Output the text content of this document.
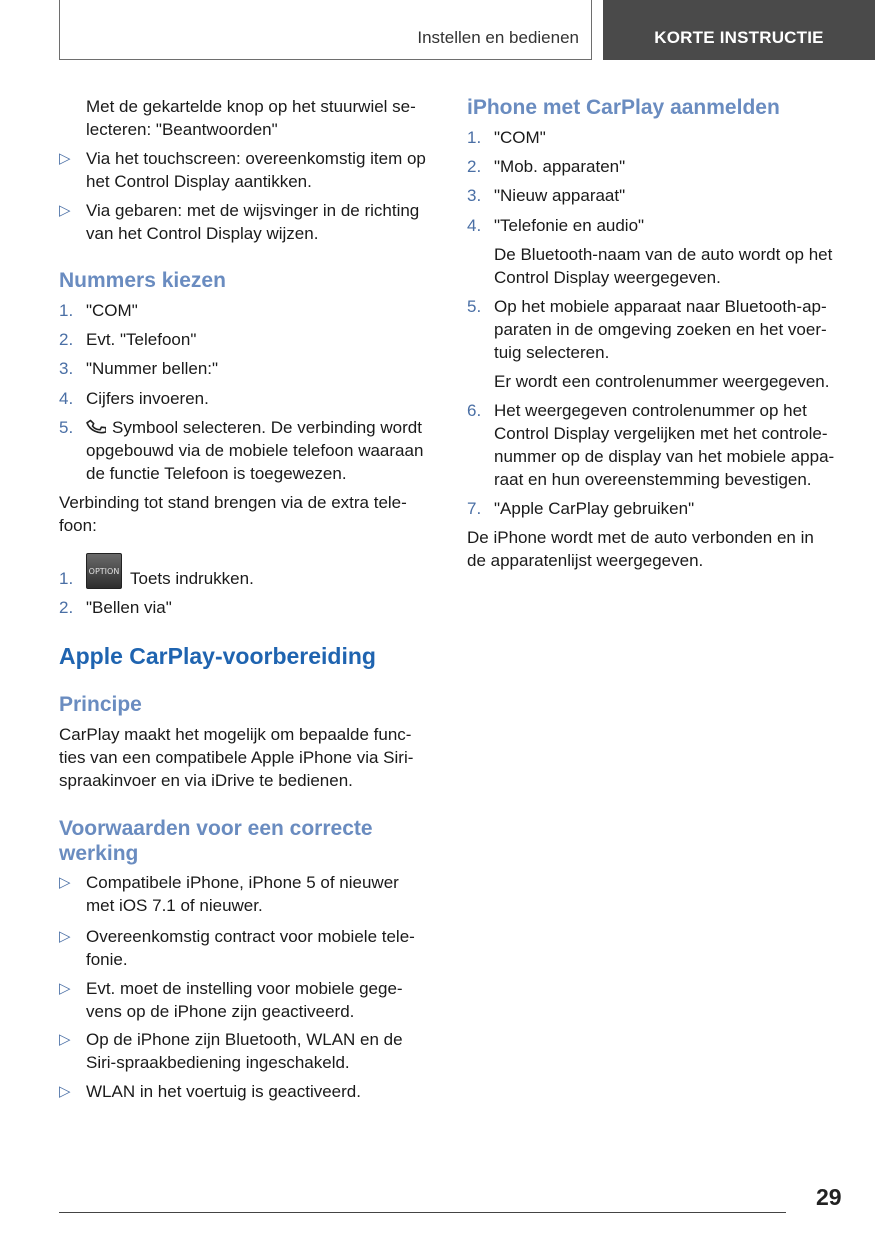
Instellen en bedienen	KORTE INSTRUCTIE
Met de gekartelde knop op het stuurwiel se-
lecteren: "Beantwoorden"
▷ Via het touchscreen: overeenkomstig item op
het Control Display aantikken.
▷ Via gebaren: met de wijsvinger in de richting
van het Control Display wijzen.
Nummers kiezen
1. "COM"
2. Evt. "Telefoon"
3. "Nummer bellen:"
4. Cijfers invoeren.
5.	Symbool selecteren. De verbinding wordt
opgebouwd via de mobiele telefoon waaraan
de functie Telefoon is toegewezen.
Verbinding tot stand brengen via de extra tele-
foon:
1. OPTION Toets indrukken.
2. "Bellen via"
Apple CarPlay-voorbereiding
Principe
CarPlay maakt het mogelijk om bepaalde func-
ties van een compatibele Apple iPhone via Siri-
spraakinvoer en via iDrive te bedienen.
Voorwaarden voor een correcte
werking
▷ Compatibele iPhone, iPhone 5 of nieuwer
met iOS 7.1 of nieuwer.
▷ Overeenkomstig contract voor mobiele tele-
fonie.
▷ Evt. moet de instelling voor mobiele gege-
vens op de iPhone zijn geactiveerd.
▷ Op de iPhone zijn Bluetooth, WLAN en de
Siri-spraakbediening ingeschakeld.
▷ WLAN in het voertuig is geactiveerd.
iPhone met CarPlay aanmelden
1. "COM"
2. "Mob. apparaten"
3. "Nieuw apparaat"
4. "Telefonie en audio"
De Bluetooth-naam van de auto wordt op het
Control Display weergegeven.
5. Op het mobiele apparaat naar Bluetooth-ap-
paraten in de omgeving zoeken en het voer-
tuig selecteren.
Er wordt een controlenummer weergegeven.
6. Het weergegeven controlenummer op het
Control Display vergelijken met het controle-
nummer op de display van het mobiele appa-
raat en hun overeenstemming bevestigen.
7. "Apple CarPlay gebruiken"
De iPhone wordt met de auto verbonden en in
de apparatenlijst weergegeven.
29
